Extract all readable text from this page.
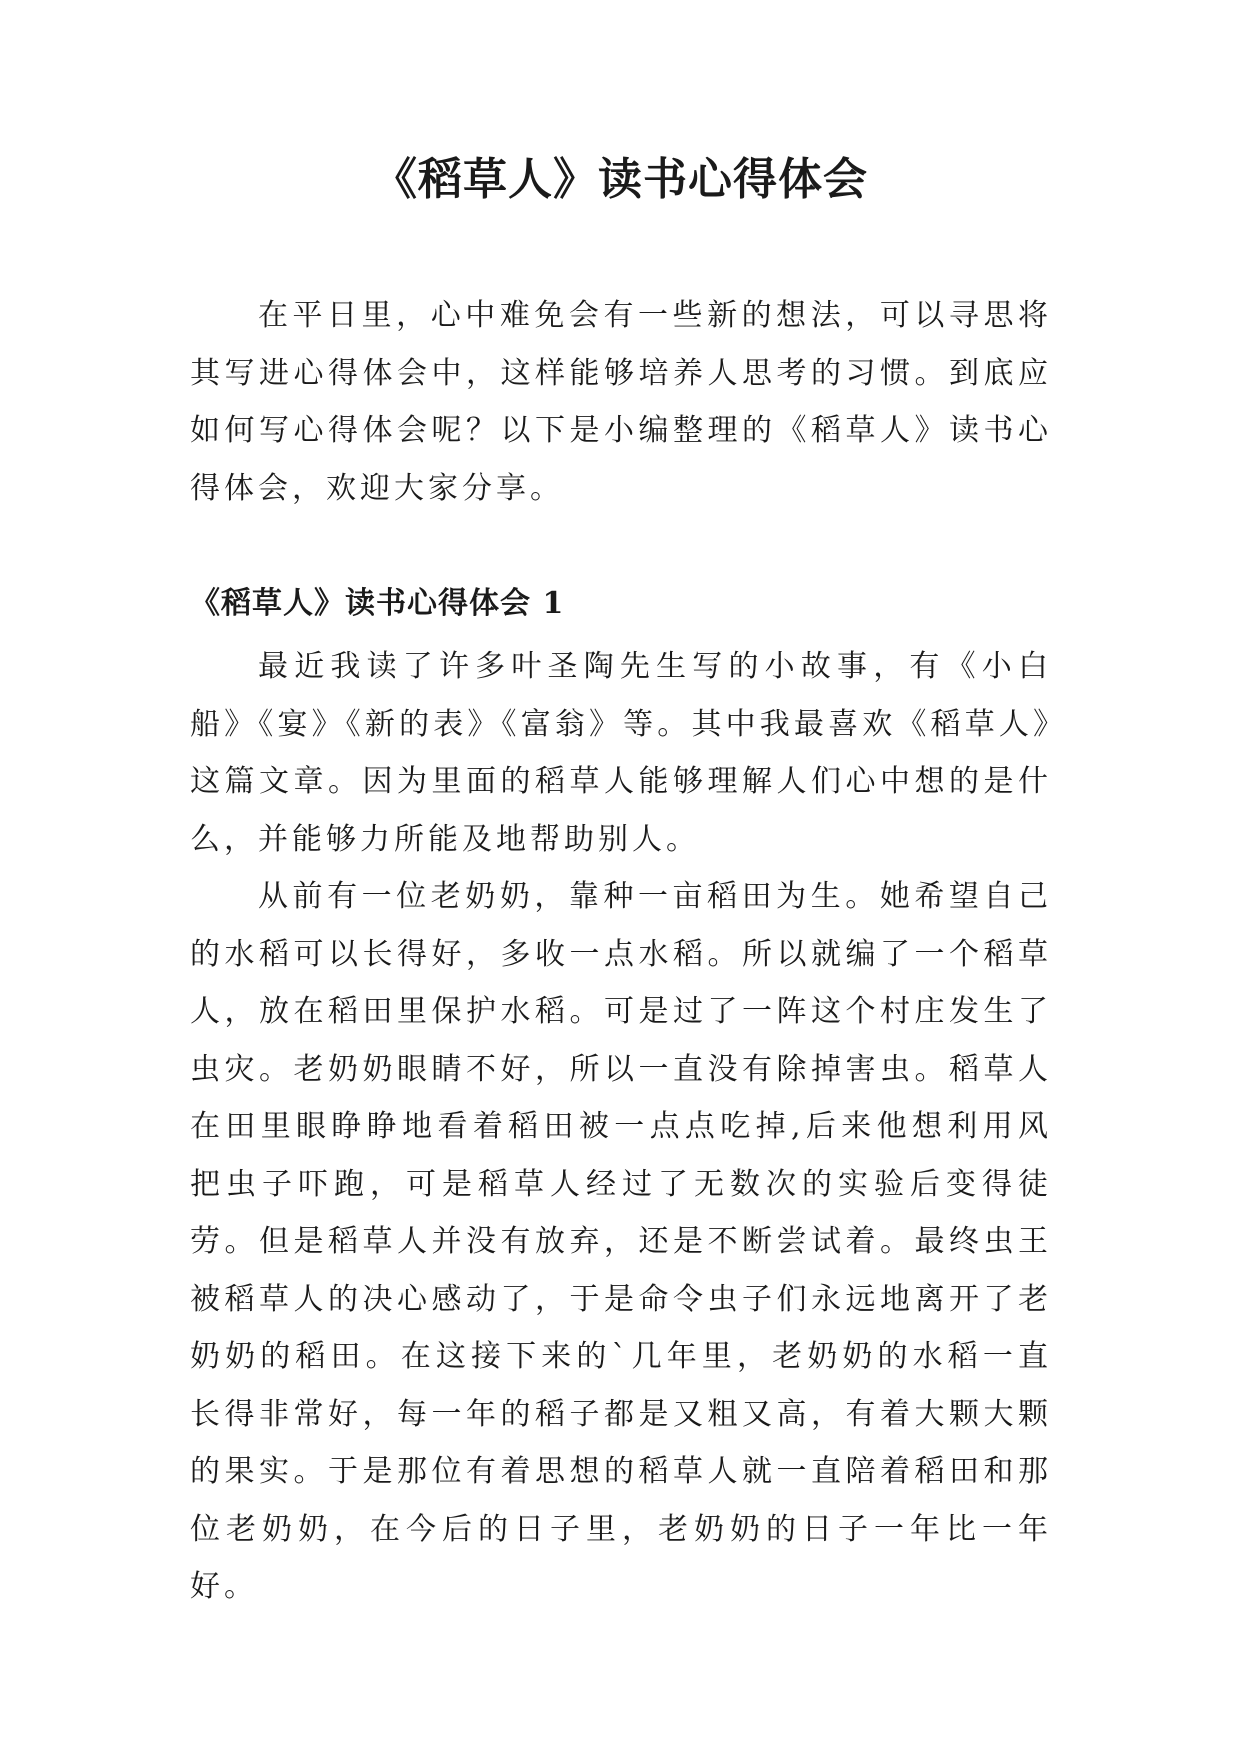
《稻草人》读书心得体会

在平日里，心中难免会有一些新的想法，可以寻思将其写进心得体会中，这样能够培养人思考的习惯。到底应如何写心得体会呢？以下是小编整理的《稻草人》读书心得体会，欢迎大家分享。

《稻草人》读书心得体会 1

最近我读了许多叶圣陶先生写的小故事，有《小白船》《宴》《新的表》《富翁》等。其中我最喜欢《稻草人》这篇文章。因为里面的稻草人能够理解人们心中想的是什么，并能够力所能及地帮助别人。

从前有一位老奶奶，靠种一亩稻田为生。她希望自己的水稻可以长得好，多收一点水稻。所以就编了一个稻草人，放在稻田里保护水稻。可是过了一阵这个村庄发生了虫灾。老奶奶眼睛不好，所以一直没有除掉害虫。稻草人在田里眼睁睁地看着稻田被一点点吃掉,后来他想利用风把虫子吓跑，可是稻草人经过了无数次的实验后变得徒劳。但是稻草人并没有放弃，还是不断尝试着。最终虫王被稻草人的决心感动了，于是命令虫子们永远地离开了老奶奶的稻田。在这接下来的`几年里，老奶奶的水稻一直长得非常好，每一年的稻子都是又粗又高，有着大颗大颗的果实。于是那位有着思想的稻草人就一直陪着稻田和那位老奶奶，在今后的日子里，老奶奶的日子一年比一年好。
